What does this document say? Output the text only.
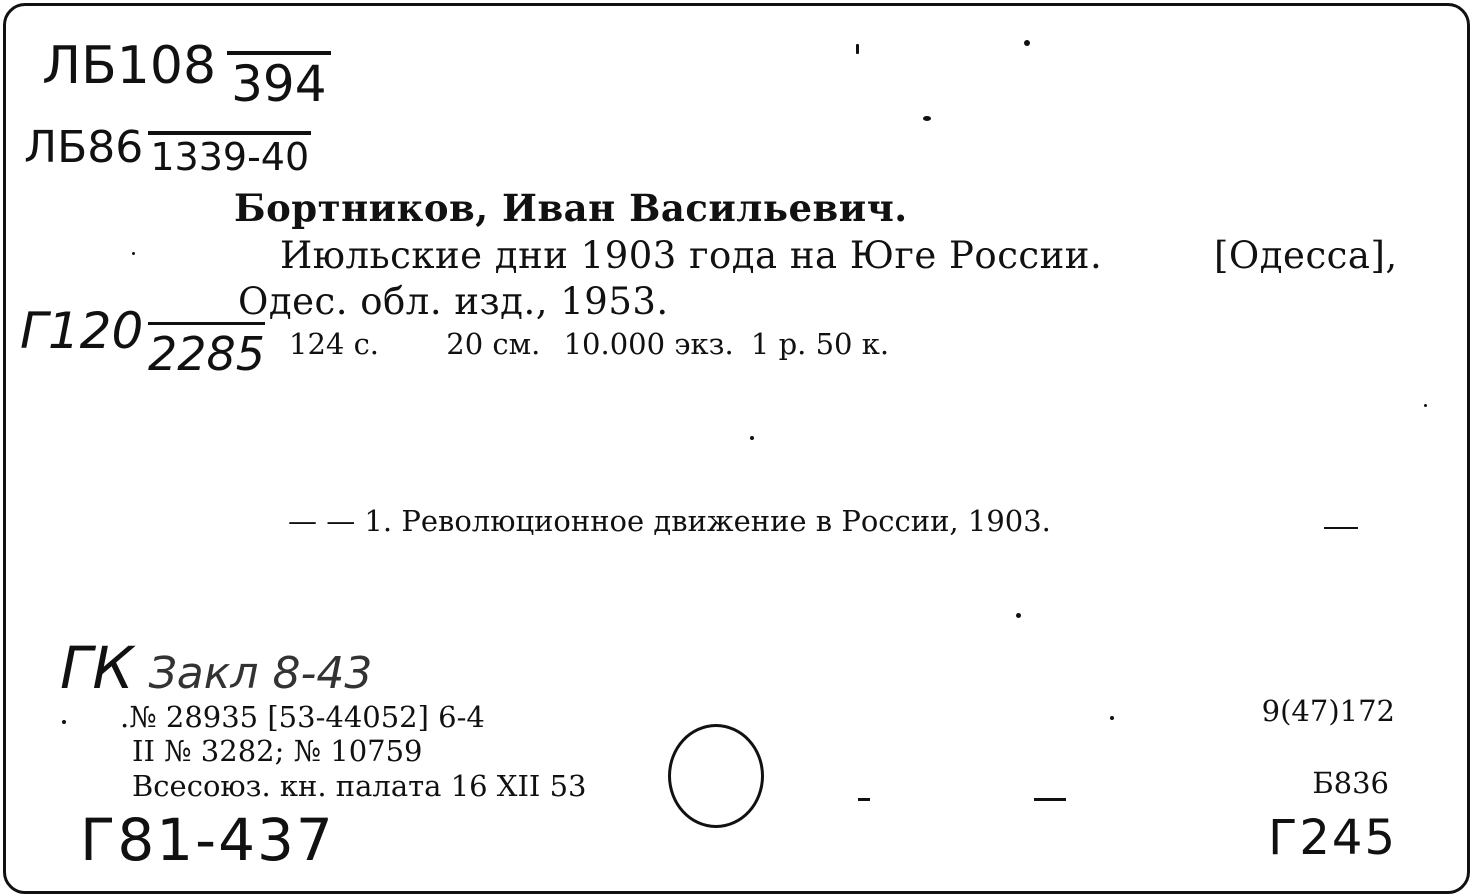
ЛБ108 394
ЛБ86 1339-40
Бортников, Иван Васильевич.
Июльские дни 1903 года на Юге России.	[Одесса],
Одес. обл. изд., 1953.
Г120 2285 124 с. 20 см. 10.000 экз. 1 р. 50 к.
— — 1. Революционное движение в России, 1903.
ГК Закл 8-43
.№ 28935 [53-44052] 6-4
II № 3282; № 10759
Всесоюз. кн. палата 16 XII 53
9(47)172
Б836
Г81-437	Г245
